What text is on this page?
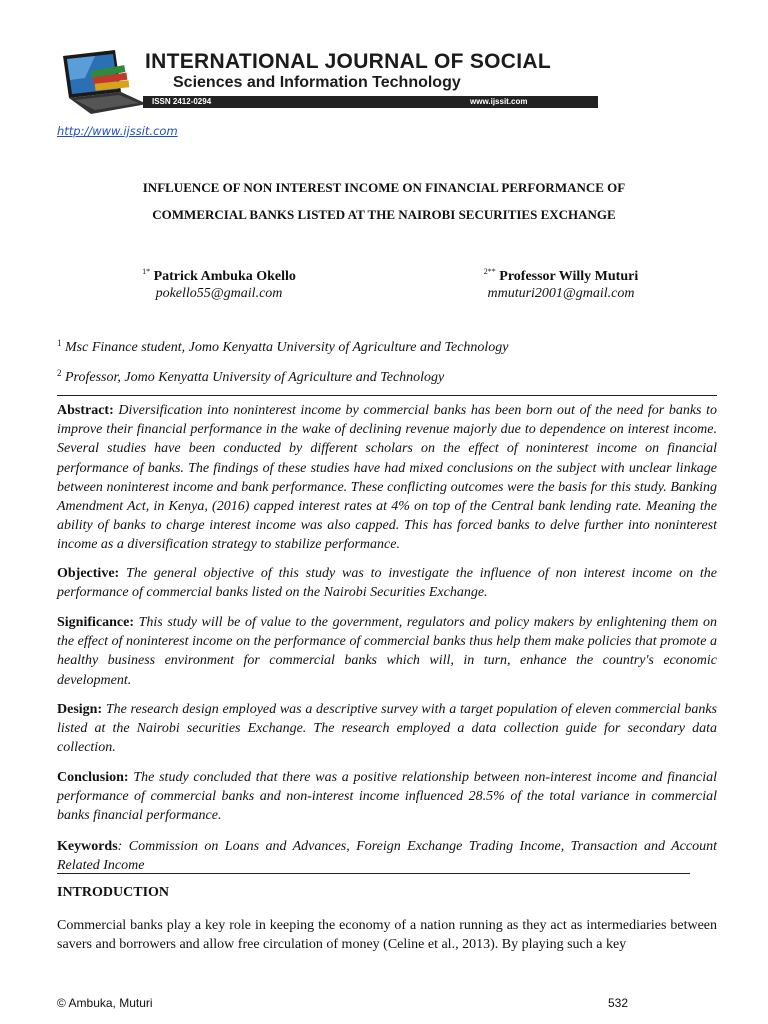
INTERNATIONAL JOURNAL OF SOCIAL
Sciences and Information Technology
ISSN 2412-0294	www.ijssit.com
http://www.ijssit.com
INFLUENCE OF NON INTEREST INCOME ON FINANCIAL PERFORMANCE OF
COMMERCIAL BANKS LISTED AT THE NAIROBI SECURITIES EXCHANGE
$^{1*}$ Patrick Ambuka Okello
pokello55@gmail.com
$^{2**}$ Professor Willy Muturi
mmuturi2001@gmail.com
$^1$ Msc Finance student, Jomo Kenyatta University of Agriculture and Technology
$^2$ Professor, Jomo Kenyatta University of Agriculture and Technology
Abstract: Diversification into noninterest income by commercial banks has been born out of the need for banks to improve their financial performance in the wake of declining revenue majorly due to dependence on interest income. Several studies have been conducted by different scholars on the effect of noninterest income on financial performance of banks. The findings of these studies have had mixed conclusions on the subject with unclear linkage between noninterest income and bank performance. These conflicting outcomes were the basis for this study. Banking Amendment Act, in Kenya, (2016) capped interest rates at 4% on top of the Central bank lending rate. Meaning the ability of banks to charge interest income was also capped. This has forced banks to delve further into noninterest income as a diversification strategy to stabilize performance.
Objective: The general objective of this study was to investigate the influence of non interest income on the performance of commercial banks listed on the Nairobi Securities Exchange.
Significance: This study will be of value to the government, regulators and policy makers by enlightening them on the effect of noninterest income on the performance of commercial banks thus help them make policies that promote a healthy business environment for commercial banks which will, in turn, enhance the country's economic development.
Design: The research design employed was a descriptive survey with a target population of eleven commercial banks listed at the Nairobi securities Exchange. The research employed a data collection guide for secondary data collection.
Conclusion: The study concluded that there was a positive relationship between non-interest income and financial performance of commercial banks and non-interest income influenced 28.5% of the total variance in commercial banks financial performance.
Keywords: Commission on Loans and Advances, Foreign Exchange Trading Income, Transaction and Account Related Income
INTRODUCTION
Commercial banks play a key role in keeping the economy of a nation running as they act as intermediaries between savers and borrowers and allow free circulation of money (Celine et al., 2013). By playing such a key
© Ambuka, Muturi	532
